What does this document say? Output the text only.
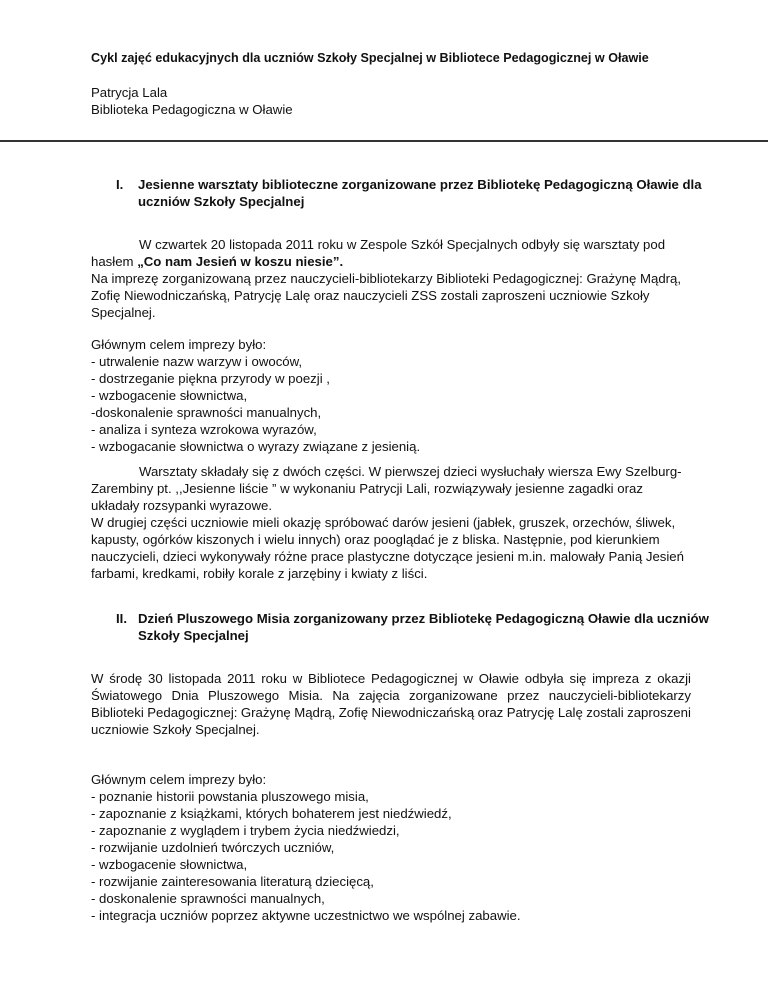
Cykl zajęć edukacyjnych dla uczniów Szkoły Specjalnej w Bibliotece Pedagogicznej w Oławie
Patrycja Lala
Biblioteka Pedagogiczna w Oławie
I.	Jesienne warsztaty biblioteczne zorganizowane przez Bibliotekę Pedagogiczną Oławie dla
uczniów Szkoły Specjalnej
W czwartek 20 listopada 2011 roku w Zespole Szkół Specjalnych odbyły się warsztaty pod
hasłem „Co nam Jesień w koszu niesie”.
Na imprezę zorganizowaną przez nauczycieli-bibliotekarzy Biblioteki Pedagogicznej: Grażynę Mądrą,
Zofię Niewodniczańską, Patrycję Lalę oraz nauczycieli ZSS zostali zaproszeni uczniowie Szkoły
Specjalnej.
Głównym celem imprezy było:
- utrwalenie nazw warzyw i owoców,
- dostrzeganie piękna przyrody w poezji ,
- wzbogacenie słownictwa,
-doskonalenie sprawności manualnych,
- analiza i synteza wzrokowa wyrazów,
- wzbogacanie słownictwa o wyrazy związane z jesienią.
Warsztaty składały się z dwóch części. W pierwszej dzieci wysłuchały wiersza Ewy Szelburg-
Zarembiny pt. ,,Jesienne liście ” w wykonaniu Patrycji Lali, rozwiązywały jesienne zagadki oraz
układały rozsypanki wyrazowe.
W drugiej części uczniowie mieli okazję spróbować darów jesieni (jabłek, gruszek, orzechów, śliwek,
kapusty, ogórków kiszonych i wielu innych) oraz pooglądać je z bliska. Następnie, pod kierunkiem
nauczycieli, dzieci wykonywały różne prace plastyczne dotyczące jesieni m.in. malowały Panią Jesień
farbami, kredkami, robiły korale z jarzębiny i kwiaty z liści.
II. Dzień Pluszowego Misia zorganizowany przez Bibliotekę Pedagogiczną Oławie dla uczniów
Szkoły Specjalnej
W środę 30 listopada 2011 roku w Bibliotece Pedagogicznej w Oławie odbyła się impreza z okazji
Światowego Dnia Pluszowego Misia. Na zajęcia zorganizowane przez nauczycieli-bibliotekarzy
Biblioteki Pedagogicznej: Grażynę Mądrą, Zofię Niewodniczańską oraz Patrycję Lalę zostali zaproszeni
uczniowie Szkoły Specjalnej.
Głównym celem imprezy było:
- poznanie historii powstania pluszowego misia,
- zapoznanie z książkami, których bohaterem jest niedźwiedź,
- zapoznanie z wyglądem i trybem życia niedźwiedzi,
- rozwijanie uzdolnień twórczych uczniów,
- wzbogacenie słownictwa,
- rozwijanie zainteresowania literaturą dziecięcą,
- doskonalenie sprawności manualnych,
- integracja uczniów poprzez aktywne uczestnictwo we wspólnej zabawie.
